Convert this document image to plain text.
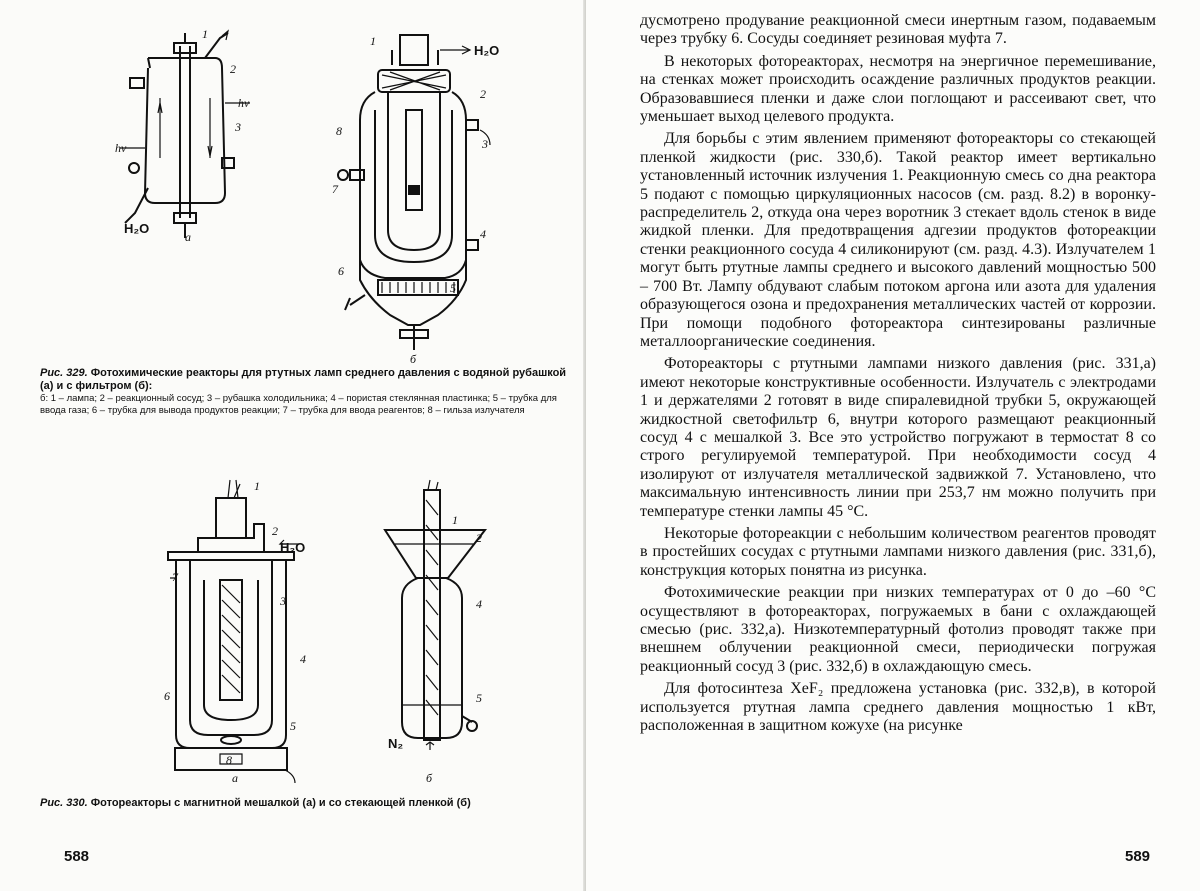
1
2
3
hν
hν
H₂O
а
1
H₂O
2
3
8
7
4
6
5
б

Рис. 329. Фотохимические реакторы для ртутных ламп среднего давления с водяной рубашкой (а) и с фильтром (б):

б: 1 – лампа; 2 – реакционный сосуд; 3 – рубашка холодильника; 4 – пористая стеклянная пластинка; 5 – трубка для ввода газа; 6 – трубка для вывода продуктов реакции; 7 – трубка для ввода реагентов; 8 – гильза излучателя

1
2
H₂O
3
7
4
6
5
8
а
1
2
4
5
N₂
б
Рис. 330. Фотореакторы с магнитной мешалкой (а) и со стекающей пленкой (б)
588

дусмотрено продувание реакционной смеси инертным газом, подаваемым через трубку 6. Сосуды соединяет резиновая муфта 7.

В некоторых фотореакторах, несмотря на энергичное перемешивание, на стенках может происходить осаждение различных продуктов реакции. Образовавшиеся пленки и даже слои поглощают и рассеивают свет, что уменьшает выход целевого продукта.

Для борьбы с этим явлением применяют фотореакторы со стекающей пленкой жидкости (рис. 330,б). Такой реактор имеет вертикально установленный источник излучения 1. Реакционную смесь со дна реактора 5 подают с помощью циркуляционных насосов (см. разд. 8.2) в воронку-распределитель 2, откуда она через воротник 3 стекает вдоль стенок в виде жидкой пленки. Для предотвращения адгезии продуктов фотореакции стенки реакционного сосуда 4 силиконируют (см. разд. 4.3). Излучателем 1 могут быть ртутные лампы среднего и высокого давлений мощностью 500 – 700 Вт. Лампу обдувают слабым потоком аргона или азота для удаления образующегося озона и предохранения металлических частей от коррозии. При помощи подобного фотореактора синтезированы различные металлоорганические соединения.

Фотореакторы с ртутными лампами низкого давления (рис. 331,а) имеют некоторые конструктивные особенности. Излучатель с электродами 1 и держателями 2 готовят в виде спиралевидной трубки 5, окружающей жидкостной светофильтр 6, внутри которого размещают реакционный сосуд 4 с мешалкой 3. Все это устройство погружают в термостат 8 со строго регулируемой температурой. При необходимости сосуд 4 изолируют от излучателя металлической задвижкой 7. Установлено, что максимальную интенсивность линии при 253,7 нм можно получить при температуре стенки лампы 45 °С.

Некоторые фотореакции с небольшим количеством реагентов проводят в простейших сосудах с ртутными лампами низкого давления (рис. 331,б), конструкция которых понятна из рисунка.

Фотохимические реакции при низких температурах от 0 до –60 °С осуществляют в фотореакторах, погружаемых в бани с охлаждающей смесью (рис. 332,а). Низкотемпературный фотолиз проводят также при внешнем облучении реакционной смеси, периодически погружая реакционный сосуд 3 (рис. 332,б) в охлаждающую смесь.

Для фотосинтеза XeF₂ предложена установка (рис. 332,в), в которой используется ртутная лампа среднего давления мощностью 1 кВт, расположенная в защитном кожухе (на рисунке

589
